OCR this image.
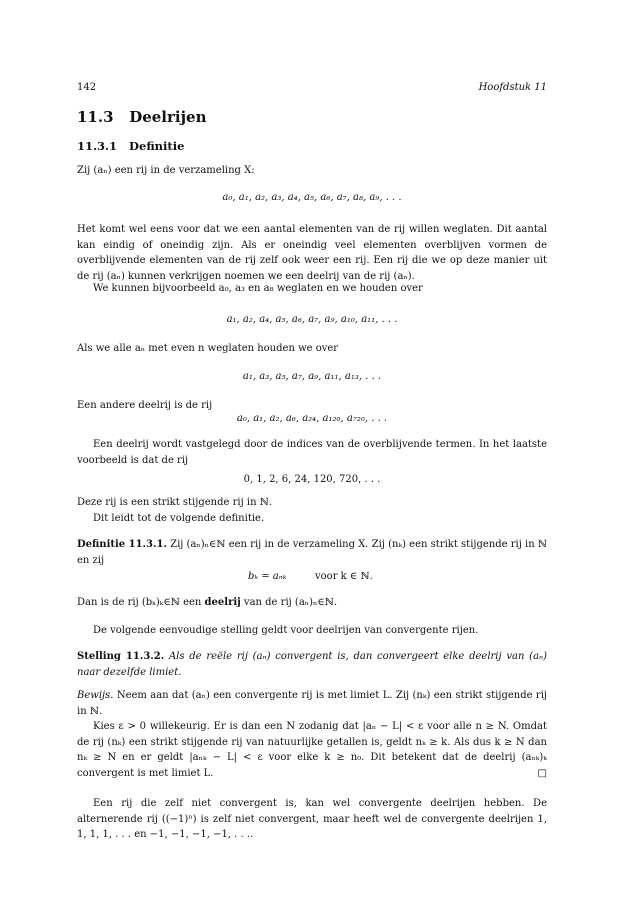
142	Hoofdstuk 11
11.3   Deelrijen
11.3.1   Definitie
Zij (aₙ) een rij in de verzameling X:
a₀, a₁, a₂, a₃, a₄, a₅, a₆, a₇, a₈, a₉, . . .
Het komt wel eens voor dat we een aantal elementen van de rij willen weglaten. Dit aantal kan eindig of oneindig zijn. Als er oneindig veel elementen overblijven vormen de overblijvende elementen van de rij zelf ook weer een rij. Een rij die we op deze manier uit de rij (aₙ) kunnen verkrijgen noemen we een deelrij van de rij (aₙ).
We kunnen bijvoorbeeld a₀, a₃ en a₈ weglaten en we houden over
a₁, a₂, a₄, a₅, a₆, a₇, a₉, a₁₀, a₁₁, . . .
Als we alle aₙ met even n weglaten houden we over
a₁, a₃, a₅, a₇, a₉, a₁₁, a₁₃, . . .
Een andere deelrij is de rij
a₀, a₁, a₂, a₆, a₂₄, a₁₂₀, a₇₂₀, . . .
Een deelrij wordt vastgelegd door de indices van de overblijvende termen. In het laatste voorbeeld is dat de rij
0, 1, 2, 6, 24, 120, 720, . . .
Deze rij is een strikt stijgende rij in ℕ.
Dit leidt tot de volgende definitie.
Definitie 11.3.1. Zij (aₙ)ₙ∈ℕ een rij in de verzameling X. Zij (nₖ) een strikt stijgende rij in ℕ en zij
bₖ = aₙₖ	voor k ∈ ℕ.
Dan is de rij (bₖ)ₖ∈ℕ een deelrij van de rij (aₙ)ₙ∈ℕ.
De volgende eenvoudige stelling geldt voor deelrijen van convergente rijen.
Stelling 11.3.2. Als de reële rij (aₙ) convergent is, dan convergeert elke deelrij van (aₙ) naar dezelfde limiet.
Bewijs. Neem aan dat (aₙ) een convergente rij is met limiet L. Zij (nₖ) een strikt stijgende rij in ℕ.
Kies ε > 0 willekeurig. Er is dan een N zodanig dat |aₙ − L| < ε voor alle n ≥ N. Omdat de rij (nₖ) een strikt stijgende rij van natuurlijke getallen is, geldt nₖ ≥ k. Als dus k ≥ N dan nₖ ≥ N en er geldt |aₙₖ − L| < ε voor elke k ≥ n₀. Dit betekent dat de deelrij (aₙₖ)ₖ convergent is met limiet L.	□
Een rij die zelf niet convergent is, kan wel convergente deelrijen hebben. De alternerende rij ((−1)ⁿ) is zelf niet convergent, maar heeft wel de convergente deelrijen 1, 1, 1, 1, . . . en −1, −1, −1, −1, . . ..
